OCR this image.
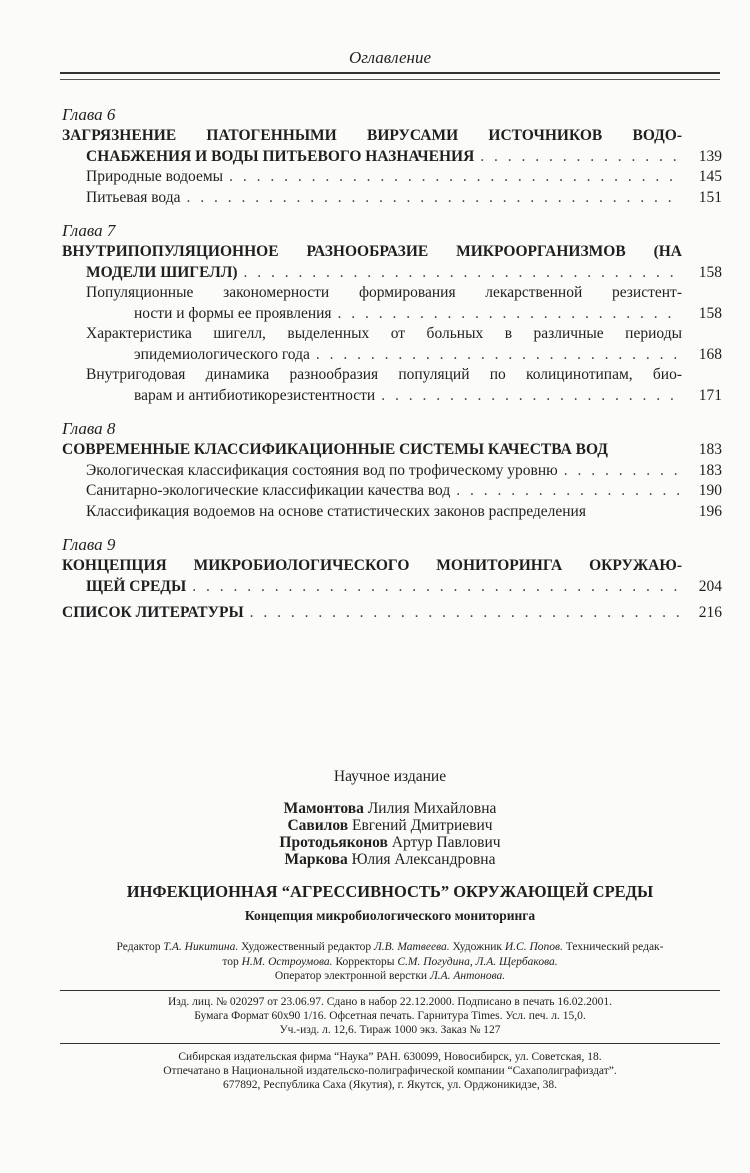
Оглавление
Глава 6
ЗАГРЯЗНЕНИЕ ПАТОГЕННЫМИ ВИРУСАМИ ИСТОЧНИКОВ ВОДО-
СНАБЖЕНИЯ И ВОДЫ ПИТЬЕВОГО НАЗНАЧЕНИЯ . . .	139
Природные водоемы . . .	145
Питьевая вода . . .	151
Глава 7
ВНУТРИПОПУЛЯЦИОННОЕ РАЗНООБРАЗИЕ МИКРООРГАНИЗМОВ (НА
МОДЕЛИ ШИГЕЛЛ) . . .	158
Популяционные закономерности формирования лекарственной резистент-
ности и формы ее проявления . . .	158
Характеристика шигелл, выделенных от больных в различные периоды
эпидемиологического года . . .	168
Внутригодовая динамика разнообразия популяций по колицинотипам, био-
варам и антибиотикорезистентности . . .	171
Глава 8
СОВРЕМЕННЫЕ КЛАССИФИКАЦИОННЫЕ СИСТЕМЫ КАЧЕСТВА ВОД	183
Экологическая классификация состояния вод по трофическому уровню . . .	183
Санитарно-экологические классификации качества вод . . .	190
Классификация водоемов на основе статистических законов распределения	196
Глава 9
КОНЦЕПЦИЯ МИКРОБИОЛОГИЧЕСКОГО МОНИТОРИНГА ОКРУЖАЮ-
ЩЕЙ СРЕДЫ . . .	204
СПИСОК ЛИТЕРАТУРЫ . . .	216
Научное издание
Мамонтова Лилия Михайловна
Савилов Евгений Дмитриевич
Протодьяконов Артур Павлович
Маркова Юлия Александровна
ИНФЕКЦИОННАЯ “АГРЕССИВНОСТЬ” ОКРУЖАЮЩЕЙ СРЕДЫ
Концепция микробиологического мониторинга
Редактор Т.А. Никитина. Художественный редактор Л.В. Матвеева. Художник И.С. Попов. Технический редак-
тор Н.М. Остроумова. Корректоры С.М. Погудина, Л.А. Щербакова.
Оператор электронной верстки Л.А. Антонова.
Изд. лиц. № 020297 от 23.06.97. Сдано в набор 22.12.2000. Подписано в печать 16.02.2001.
Бумага Формат 60x90 1/16. Офсетная печать. Гарнитура Times. Усл. печ. л. 15,0.
Уч.-изд. л. 12,6. Тираж 1000 экз. Заказ № 127
Сибирская издательская фирма “Наука” РАН. 630099, Новосибирск, ул. Советская, 18.
Отпечатано в Национальной издательско-полиграфической компании “Сахаполиграфиздат”.
677892, Республика Саха (Якутия), г. Якутск, ул. Орджоникидзе, 38.
